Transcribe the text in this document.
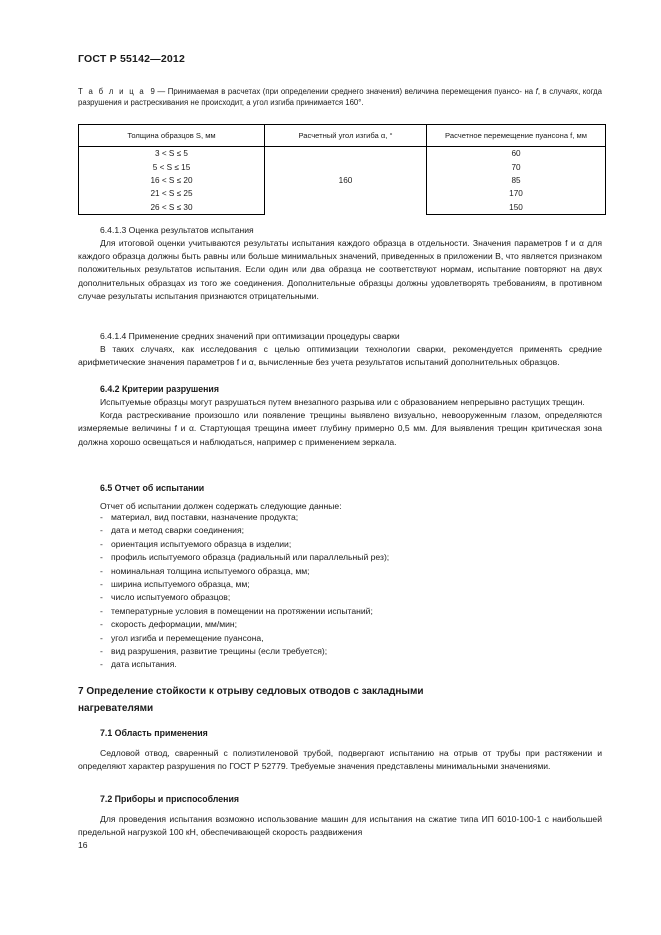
ГОСТ Р 55142—2012
Т а б л и ц а 9 — Принимаемая в расчетах (при определении среднего значения) величина перемещения пуансо- на f, в случаях, когда разрушения и растрескивания не происходит, а угол изгиба принимается 160°.
Толщина образцов S, мм	Расчетный угол изгиба α, °	Расчетное перемещение пуансона f, мм
3 < S ≤ 5	160	60
5 < S ≤ 15		70
16 < S ≤ 20		85
21 < S ≤ 25		170
26 < S ≤ 30		150
6.4.1.3 Оценка результатов испытания
Для итоговой оценки учитываются результаты испытания каждого образца в отдельности. Значения параметров f и α для каждого образца должны быть равны или больше минимальных значений, приведенных в приложении В, что является признаком положительных результатов испытания. Если один или два образца не соответствуют нормам, испытание повторяют на двух дополнительных образцах из того же соединения. Дополнительные образцы должны удовлетворять требованиям, в противном случае результаты испытания признаются отрицательными.
6.4.1.4 Применение средних значений при оптимизации процедуры сварки
В таких случаях, как исследования с целью оптимизации технологии сварки, рекомендуется применять средние арифметические значения параметров f и α, вычисленные без учета результатов испытаний дополнительных образцов.
6.4.2 Критерии разрушения
Испытуемые образцы могут разрушаться путем внезапного разрыва или с образованием непрерывно растущих трещин.
Когда растрескивание произошло или появление трещины выявлено визуально, невооруженным глазом, определяются измеряемые величины f и α. Стартующая трещина имеет глубину примерно 0,5 мм. Для выявления трещин критическая зона должна хорошо освещаться и наблюдаться, например с применением зеркала.
6.5 Отчет об испытании
Отчет об испытании должен содержать следующие данные:
- материал, вид поставки, назначение продукта;
- дата и метод сварки соединения;
- ориентация испытуемого образца в изделии;
- профиль испытуемого образца (радиальный или параллельный рез);
- номинальная толщина испытуемого образца, мм;
- ширина испытуемого образца, мм;
- число испытуемого образцов;
- температурные условия в помещении на протяжении испытаний;
- скорость деформации, мм/мин;
- угол изгиба и перемещение пуансона,
- вид разрушения, развитие трещины (если требуется);
- дата испытания.
7 Определение стойкости к отрыву седловых отводов с закладными
нагревателями
7.1 Область применения
Седловой отвод, сваренный с полиэтиленовой трубой, подвергают испытанию на отрыв от трубы при растяжении и определяют характер разрушения по ГОСТ Р 52779. Требуемые значения представлены минимальными значениями.
7.2 Приборы и приспособления
Для проведения испытания возможно использование машин для испытания на сжатие типа ИП 6010-100-1 с наибольшей предельной нагрузкой 100 кН, обеспечивающей скорость раздвижения
16
